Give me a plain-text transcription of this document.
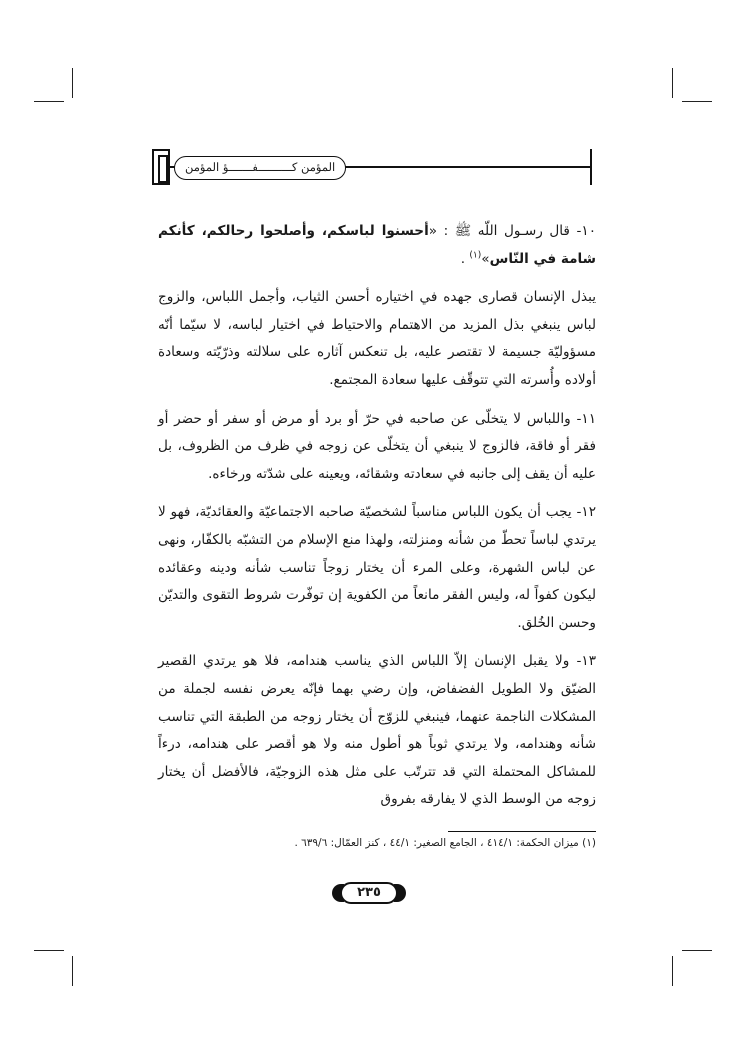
المؤمن كــــــــــفـــــــؤ المؤمن

١٠- قال رسـول اللّه ﷺ : «أحسنوا لباسكم، وأصلحوا رحالكم، كأنكم شامة في النّاس»$^{(١)}$ .

يبذل الإنسان قصارى جهده في اختياره أحسن الثياب، وأجمل اللباس، والزوج لباس ينبغي بذل المزيد من الاهتمام والاحتياط في اختيار لباسه، لا سيّما أنّه مسؤوليّة جسيمة لا تقتصر عليه، بل تنعكس آثاره على سلالته وذرّيّته وسعادة أولاده وأُسرته التي تتوقّف عليها سعادة المجتمع.

١١- واللباس لا يتخلّى عن صاحبه في حرّ أو برد أو مرض أو سفر أو حضر أو فقر أو فاقة، فالزوج لا ينبغي أن يتخلّى عن زوجه في ظرف من الظروف، بل عليه أن يقف إلى جانبه في سعادته وشقائه، ويعينه على شدّته ورخاءه.

١٢- يجب أن يكون اللباس مناسباً لشخصيّة صاحبه الاجتماعيّة والعقائديّة، فهو لا يرتدي لباساً تحطّ من شأنه ومنزلته، ولهذا منع الإسلام من التشبّه بالكفّار، ونهى عن لباس الشهرة، وعلى المرء أن يختار زوجاً تناسب شأنه ودينه وعقائده ليكون كفواً له، وليس الفقر مانعاً من الكفوية إن توفّرت شروط التقوى والتديّن وحسن الخُلق.

١٣- ولا يقبل الإنسان إلاّ اللباس الذي يناسب هندامه، فلا هو يرتدي القصير الضيّق ولا الطويل الفضفاض، وإن رضي بهما فإنّه يعرض نفسه لجملة من المشكلات الناجمة عنهما، فينبغي للزوّج أن يختار زوجه من الطبقة التي تناسب شأنه وهندامه، ولا يرتدي ثوباً هو أطول منه ولا هو أقصر على هندامه، درءاً للمشاكل المحتملة التي قد تترتّب على مثل هذه الزوجيّة، فالأفضل أن يختار زوجه من الوسط الذي لا يفارقه بفروق

(١) ميزان الحكمة: ٤١٤/١ ، الجامع الصغير: ٤٤/١ ، كنز العمّال: ٦٣٩/٦ .
٢٣٥
